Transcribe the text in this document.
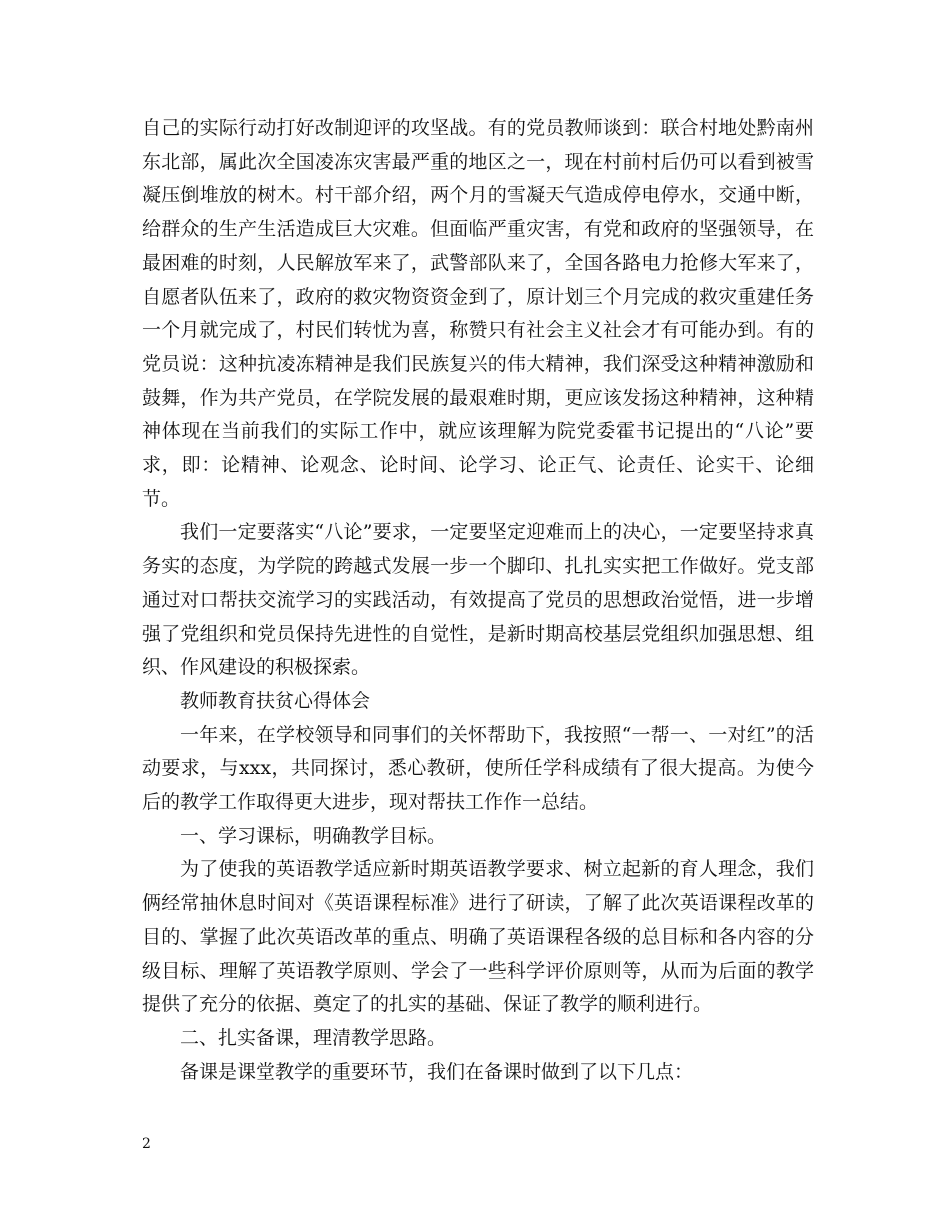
自己的实际行动打好改制迎评的攻坚战。有的党员教师谈到：联合村地处黔南州东北部，属此次全国凌冻灾害最严重的地区之一，现在村前村后仍可以看到被雪凝压倒堆放的树木。村干部介绍，两个月的雪凝天气造成停电停水，交通中断，给群众的生产生活造成巨大灾难。但面临严重灾害，有党和政府的坚强领导，在最困难的时刻，人民解放军来了，武警部队来了，全国各路电力抢修大军来了，自愿者队伍来了，政府的救灾物资资金到了，原计划三个月完成的救灾重建任务一个月就完成了，村民们转忧为喜，称赞只有社会主义社会才有可能办到。有的党员说：这种抗凌冻精神是我们民族复兴的伟大精神，我们深受这种精神激励和鼓舞，作为共产党员，在学院发展的最艰难时期，更应该发扬这种精神，这种精神体现在当前我们的实际工作中，就应该理解为院党委霍书记提出的“八论”要求，即：论精神、论观念、论时间、论学习、论正气、论责任、论实干、论细节。

我们一定要落实“八论”要求，一定要坚定迎难而上的决心，一定要坚持求真务实的态度，为学院的跨越式发展一步一个脚印、扎扎实实把工作做好。党支部通过对口帮扶交流学习的实践活动，有效提高了党员的思想政治觉悟，进一步增强了党组织和党员保持先进性的自觉性，是新时期高校基层党组织加强思想、组织、作风建设的积极探索。

教师教育扶贫心得体会

一年来，在学校领导和同事们的关怀帮助下，我按照“一帮一、一对红”的活动要求，与xxx，共同探讨，悉心教研，使所任学科成绩有了很大提高。为使今后的教学工作取得更大进步，现对帮扶工作作一总结。

一、学习课标，明确教学目标。

为了使我的英语教学适应新时期英语教学要求、树立起新的育人理念，我们俩经常抽休息时间对《英语课程标准》进行了研读，了解了此次英语课程改革的目的、掌握了此次英语改革的重点、明确了英语课程各级的总目标和各内容的分级目标、理解了英语教学原则、学会了一些科学评价原则等，从而为后面的教学提供了充分的依据、奠定了的扎实的基础、保证了教学的顺利进行。

二、扎实备课，理清教学思路。

备课是课堂教学的重要环节，我们在备课时做到了以下几点：

2
